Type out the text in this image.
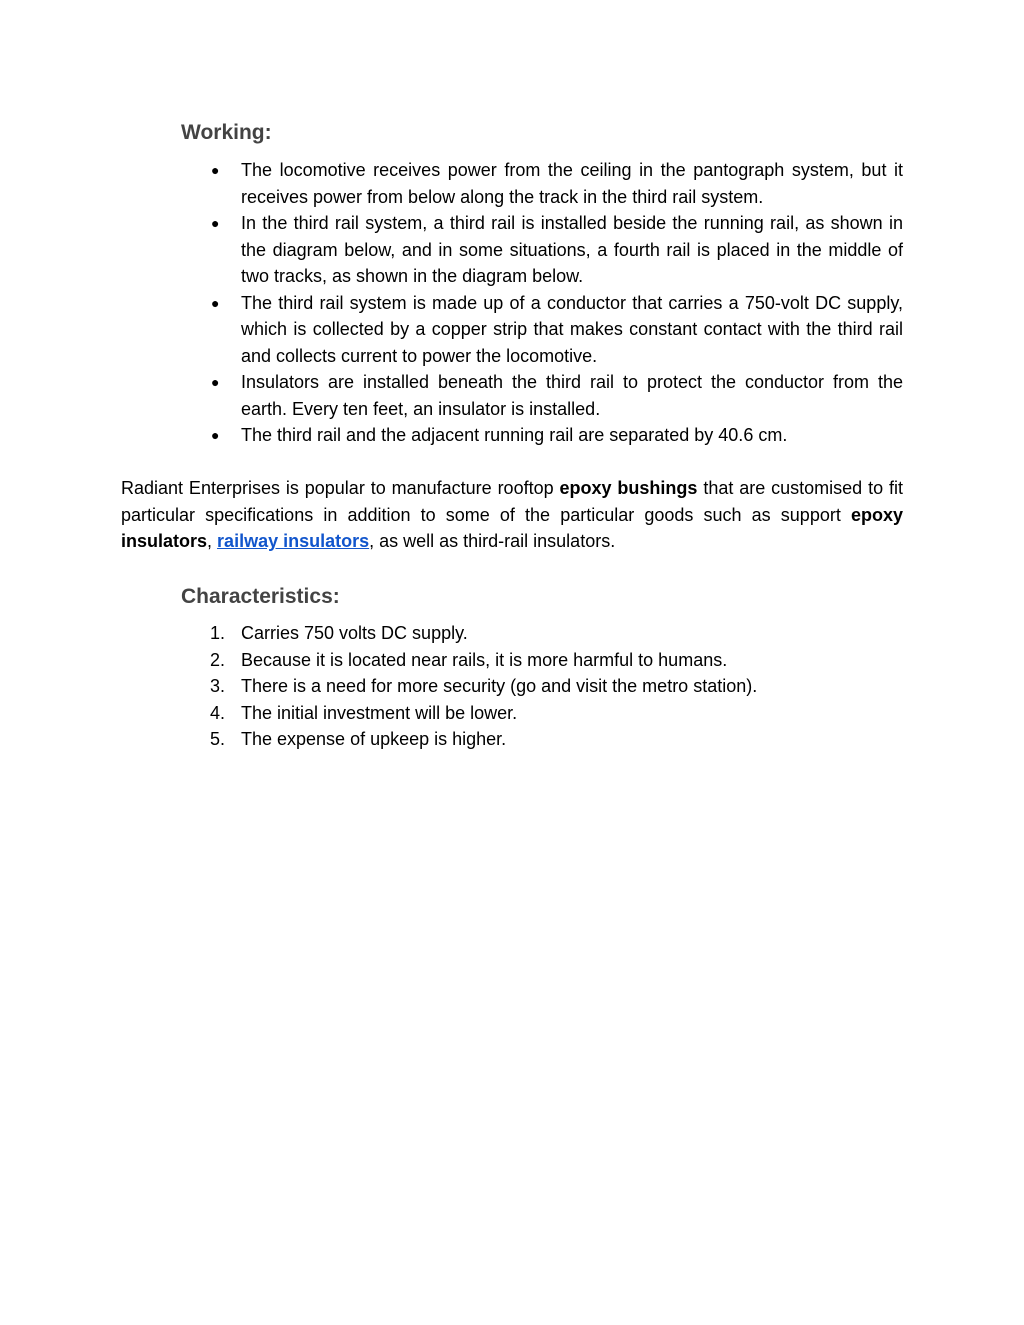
Working:
●	The locomotive receives power from the ceiling in the pantograph system, but it receives power from below along the track in the third rail system.
●	In the third rail system, a third rail is installed beside the running rail, as shown in the diagram below, and in some situations, a fourth rail is placed in the middle of two tracks, as shown in the diagram below.
●	The third rail system is made up of a conductor that carries a 750-volt DC supply, which is collected by a copper strip that makes constant contact with the third rail and collects current to power the locomotive.
●	Insulators are installed beneath the third rail to protect the conductor from the earth. Every ten feet, an insulator is installed.
●	The third rail and the adjacent running rail are separated by 40.6 cm.

Radiant Enterprises is popular to manufacture rooftop epoxy bushings that are customised to fit particular specifications in addition to some of the particular goods such as support epoxy insulators, railway insulators, as well as third-rail insulators.

Characteristics:
1. Carries 750 volts DC supply.
2. Because it is located near rails, it is more harmful to humans.
3. There is a need for more security (go and visit the metro station).
4. The initial investment will be lower.
5. The expense of upkeep is higher.
